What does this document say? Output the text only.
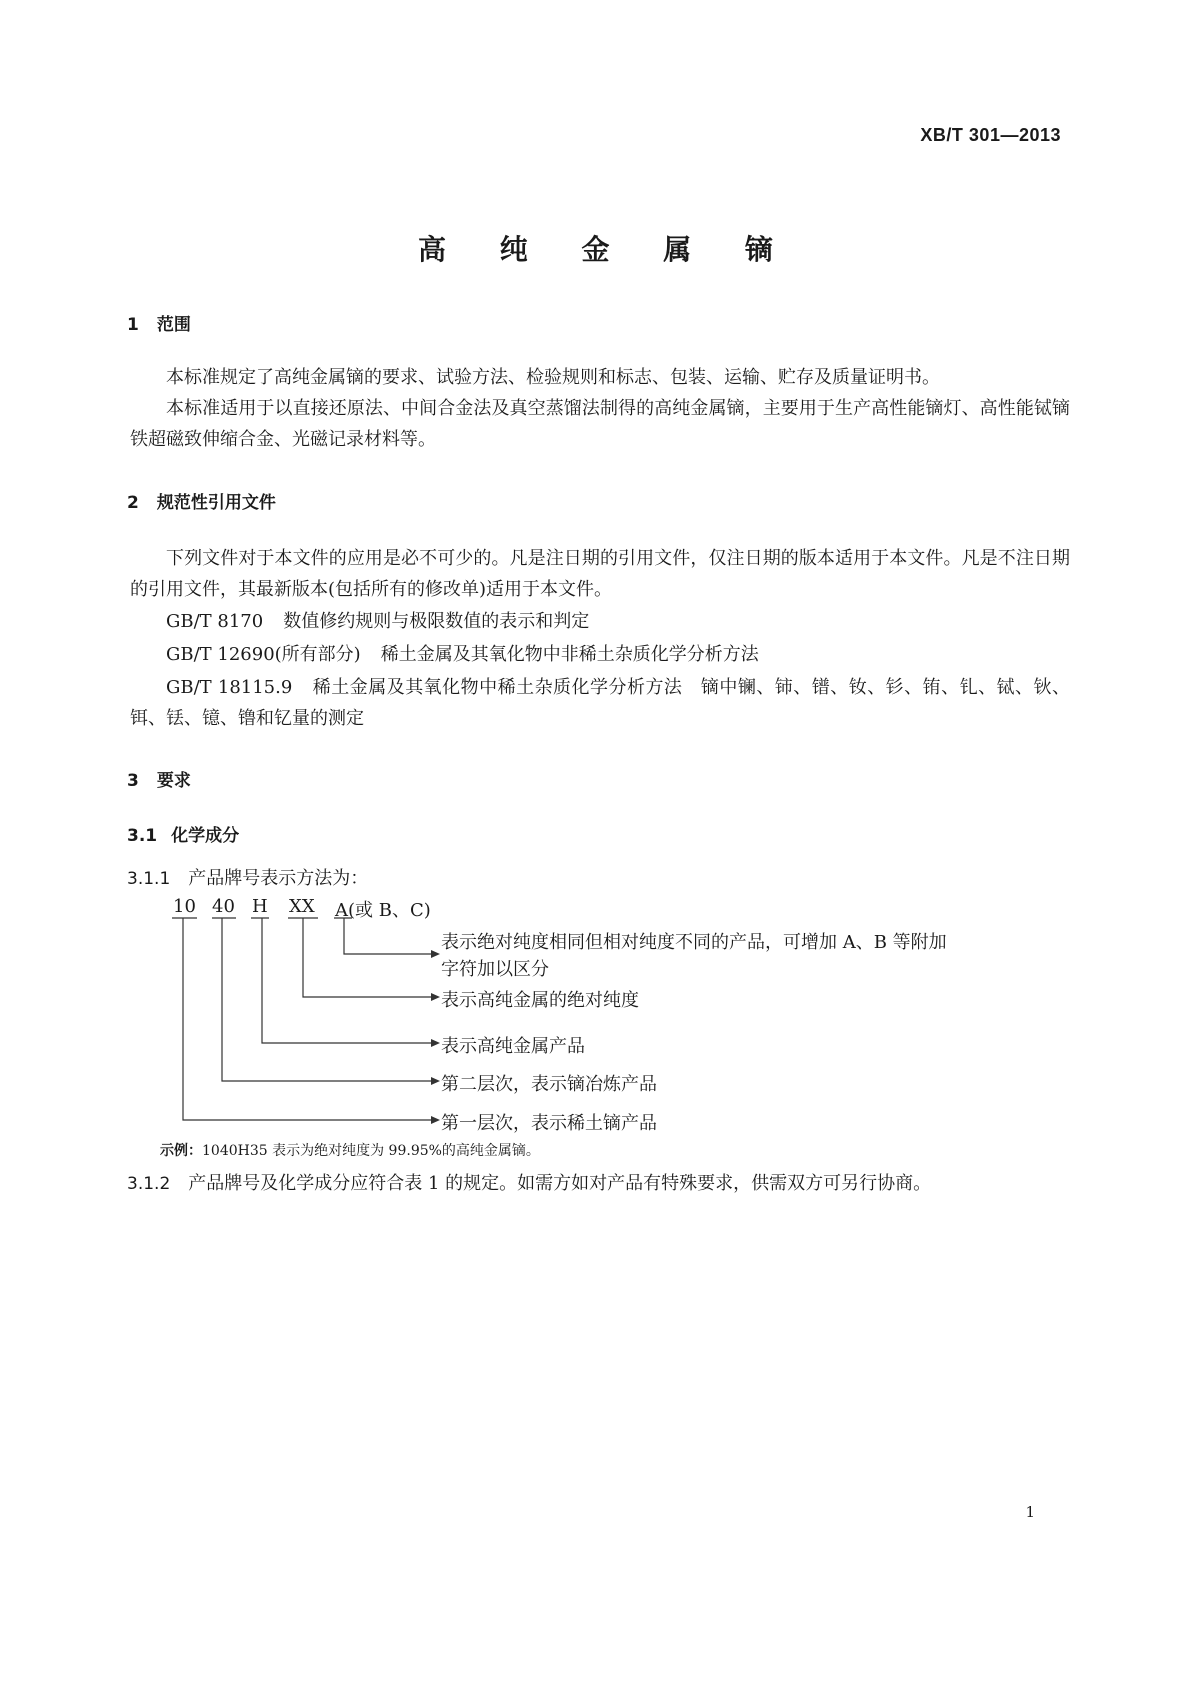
XB/T 301—2013
高 纯 金 属 镝
1 范围
本标准规定了高纯金属镝的要求、试验方法、检验规则和标志、包装、运输、贮存及质量证明书。
本标准适用于以直接还原法、中间合金法及真空蒸馏法制得的高纯金属镝，主要用于生产高性能镝灯、高性能铽镝铁超磁致伸缩合金、光磁记录材料等。
2 规范性引用文件
下列文件对于本文件的应用是必不可少的。凡是注日期的引用文件，仅注日期的版本适用于本文件。凡是不注日期的引用文件，其最新版本(包括所有的修改单)适用于本文件。
GB/T 8170 数值修约规则与极限数值的表示和判定
GB/T 12690(所有部分) 稀土金属及其氧化物中非稀土杂质化学分析方法
GB/T 18115.9 稀土金属及其氧化物中稀土杂质化学分析方法　镝中镧、铈、镨、钕、钐、铕、钆、铽、钬、铒、铥、镱、镥和钇量的测定
3 要求
3.1 化学成分
3.1.1 产品牌号表示方法为：
10 40 H XX A(或 B、C)
表示绝对纯度相同但相对纯度不同的产品，可增加 A、B 等附加
字符加以区分
表示高纯金属的绝对纯度
表示高纯金属产品
第二层次，表示镝冶炼产品
第一层次，表示稀土镝产品
示例：1040H35 表示为绝对纯度为 99.95%的高纯金属镝。
3.1.2 产品牌号及化学成分应符合表 1 的规定。如需方如对产品有特殊要求，供需双方可另行协商。
1
